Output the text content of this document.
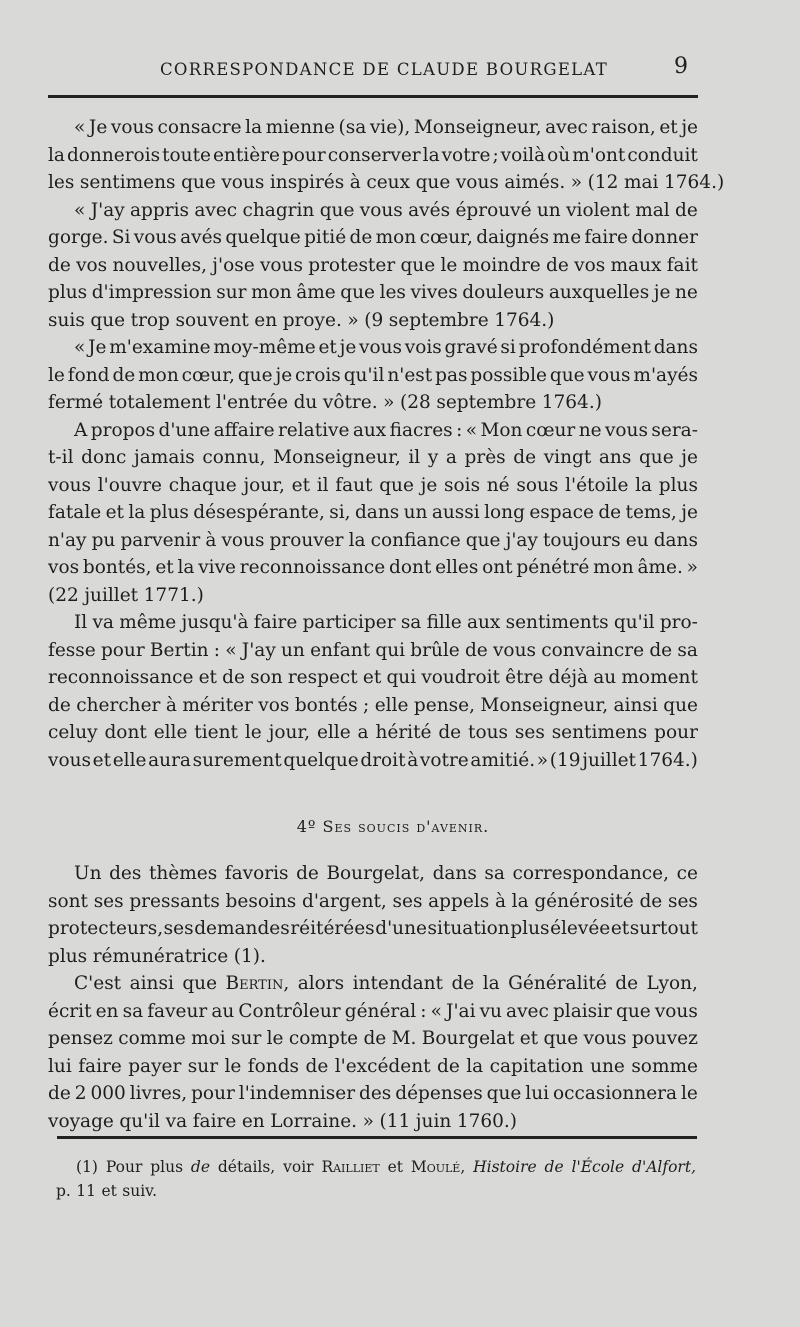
CORRESPONDANCE DE CLAUDE BOURGELAT	9
« Je vous consacre la mienne (sa vie), Monseigneur, avec raison, et je
la donnerois toute entière pour conserver la votre ; voilà où m'ont conduit
les sentimens que vous inspirés à ceux que vous aimés. » (12 mai 1764.)
« J'ay appris avec chagrin que vous avés éprouvé un violent mal de
gorge. Si vous avés quelque pitié de mon cœur, daignés me faire donner
de vos nouvelles, j'ose vous protester que le moindre de vos maux fait
plus d'impression sur mon âme que les vives douleurs auxquelles je ne
suis que trop souvent en proye. » (9 septembre 1764.)
« Je m'examine moy-même et je vous vois gravé si profondément dans
le fond de mon cœur, que je crois qu'il n'est pas possible que vous m'ayés
fermé totalement l'entrée du vôtre. » (28 septembre 1764.)
A propos d'une affaire relative aux fiacres : « Mon cœur ne vous sera-
t-il donc jamais connu, Monseigneur, il y a près de vingt ans que je
vous l'ouvre chaque jour, et il faut que je sois né sous l'étoile la plus
fatale et la plus désespérante, si, dans un aussi long espace de tems, je
n'ay pu parvenir à vous prouver la confiance que j'ay toujours eu dans
vos bontés, et la vive reconnoissance dont elles ont pénétré mon âme. »
(22 juillet 1771.)
Il va même jusqu'à faire participer sa fille aux sentiments qu'il pro-
fesse pour Bertin : « J'ay un enfant qui brûle de vous convaincre de sa
reconnoissance et de son respect et qui voudroit être déjà au moment
de chercher à mériter vos bontés ; elle pense, Monseigneur, ainsi que
celuy dont elle tient le jour, elle a hérité de tous ses sentimens pour
vous et elle aura surement quelque droit à votre amitié. » (19 juillet 1764.)
4º Ses soucis d'avenir.
Un des thèmes favoris de Bourgelat, dans sa correspondance, ce
sont ses pressants besoins d'argent, ses appels à la générosité de ses
protecteurs, ses demandes réitérées d'une situation plus élevée et surtout
plus rémunératrice (1).
C'est ainsi que Bertin, alors intendant de la Généralité de Lyon,
écrit en sa faveur au Contrôleur général : « J'ai vu avec plaisir que vous
pensez comme moi sur le compte de M. Bourgelat et que vous pouvez
lui faire payer sur le fonds de l'excédent de la capitation une somme
de 2 000 livres, pour l'indemniser des dépenses que lui occasionnera le
voyage qu'il va faire en Lorraine. » (11 juin 1760.)
(1) Pour plus de détails, voir Railliet et Moulé, Histoire de l'École d'Alfort,
p. 11 et suiv.
